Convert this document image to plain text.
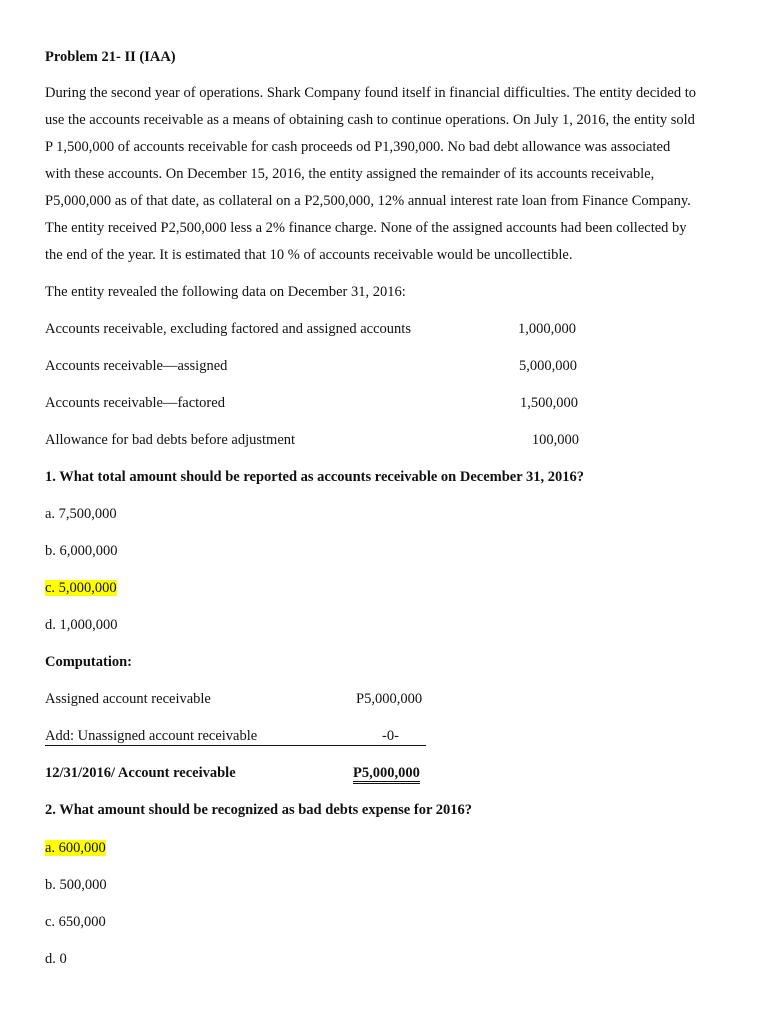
Problem 21- II (IAA)
During the second year of operations. Shark Company found itself in financial difficulties. The entity decided to
use the accounts receivable as a means of obtaining cash to continue operations. On July 1, 2016, the entity sold
P 1,500,000 of accounts receivable for cash proceeds od P1,390,000. No bad debt allowance was associated
with these accounts. On December 15, 2016, the entity assigned the remainder of its accounts receivable,
P5,000,000 as of that date, as collateral on a P2,500,000, 12% annual interest rate loan from Finance Company.
The entity received P2,500,000 less a 2% finance charge. None of the assigned accounts had been collected by
the end of the year. It is estimated that 10 % of accounts receivable would be uncollectible.
The entity revealed the following data on December 31, 2016:
Accounts receivable, excluding factored and assigned accounts	1,000,000
Accounts receivable—assigned	5,000,000
Accounts receivable—factored	1,500,000
Allowance for bad debts before adjustment	100,000
1. What total amount should be reported as accounts receivable on December 31, 2016?
a. 7,500,000
b. 6,000,000
c. 5,000,000
d. 1,000,000
Computation:
Assigned account receivable	P5,000,000
Add: Unassigned account receivable	-0-
12/31/2016/ Account receivable	P5,000,000
2. What amount should be recognized as bad debts expense for 2016?
a. 600,000
b. 500,000
c. 650,000
d. 0
